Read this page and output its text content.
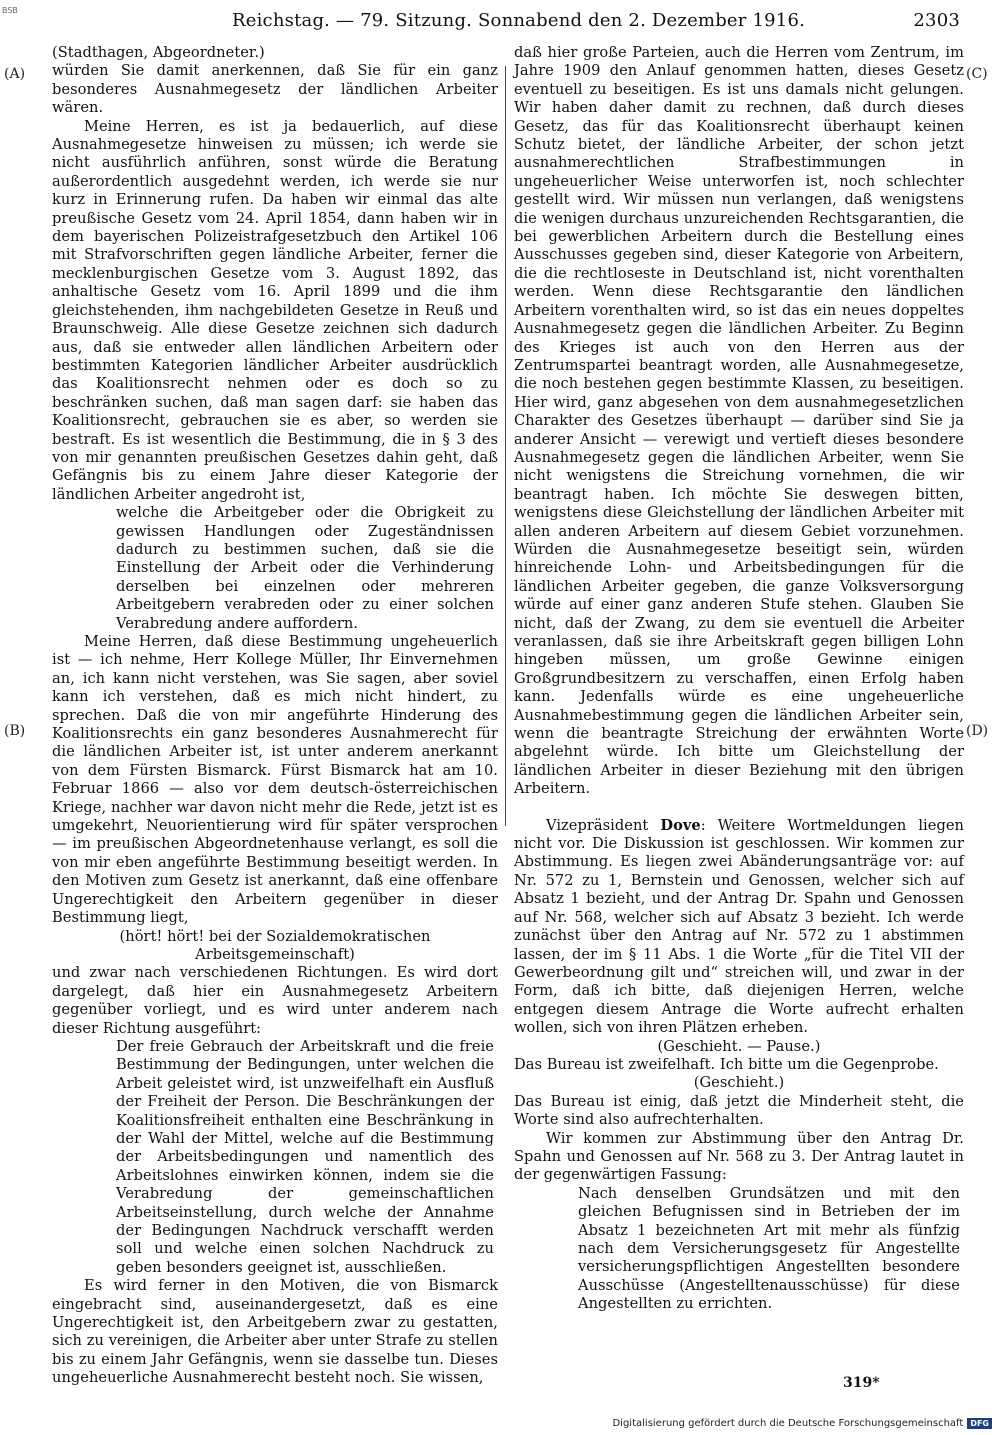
BSB	Reichstag. — 79. Sitzung. Sonnabend den 2. Dezember 1916.	2303
(A)
(B)
(C)
(D)

(Stadthagen, Abgeordneter.)

würden Sie damit anerkennen, daß Sie für ein ganz besonderes Ausnahmegesetz der ländlichen Arbeiter wären.

Meine Herren, es ist ja bedauerlich, auf diese Ausnahmegesetze hinweisen zu müssen; ich werde sie nicht ausführlich anführen, sonst würde die Beratung außerordentlich ausgedehnt werden, ich werde sie nur kurz in Erinnerung rufen. Da haben wir einmal das alte preußische Gesetz vom 24. April 1854, dann haben wir in dem bayerischen Polizeistrafgesetzbuch den Artikel 106 mit Strafvorschriften gegen ländliche Arbeiter, ferner die mecklenburgischen Gesetze vom 3. August 1892, das anhaltische Gesetz vom 16. April 1899 und die ihm gleichstehenden, ihm nachgebildeten Gesetze in Reuß und Braunschweig. Alle diese Gesetze zeichnen sich dadurch aus, daß sie entweder allen ländlichen Arbeitern oder bestimmten Kategorien ländlicher Arbeiter ausdrücklich das Koalitionsrecht nehmen oder es doch so zu beschränken suchen, daß man sagen darf: sie haben das Koalitionsrecht, gebrauchen sie es aber, so werden sie bestraft. Es ist wesentlich die Bestimmung, die in § 3 des von mir genannten preußischen Gesetzes dahin geht, daß Gefängnis bis zu einem Jahre dieser Kategorie der ländlichen Arbeiter angedroht ist,

welche die Arbeitgeber oder die Obrigkeit zu gewissen Handlungen oder Zugeständnissen dadurch zu bestimmen suchen, daß sie die Einstellung der Arbeit oder die Verhinderung derselben bei einzelnen oder mehreren Arbeitgebern verabreden oder zu einer solchen Verabredung andere auffordern.

Meine Herren, daß diese Bestimmung ungeheuerlich ist — ich nehme, Herr Kollege Müller, Ihr Einvernehmen an, ich kann nicht verstehen, was Sie sagen, aber soviel kann ich verstehen, daß es mich nicht hindert, zu sprechen. Daß die von mir angeführte Hinderung des Koalitionsrechts ein ganz besonderes Ausnahmerecht für die ländlichen Arbeiter ist, ist unter anderem anerkannt von dem Fürsten Bismarck. Fürst Bismarck hat am 10. Februar 1866 — also vor dem deutsch-österreichischen Kriege, nachher war davon nicht mehr die Rede, jetzt ist es umgekehrt, Neuorientierung wird für später versprochen — im preußischen Abgeordnetenhause verlangt, es soll die von mir eben angeführte Bestimmung beseitigt werden. In den Motiven zum Gesetz ist anerkannt, daß eine offenbare Ungerechtigkeit den Arbeitern gegenüber in dieser Bestimmung liegt,

(hört! hört! bei der Sozialdemokratischen Arbeitsgemeinschaft)

und zwar nach verschiedenen Richtungen. Es wird dort dargelegt, daß hier ein Ausnahmegesetz Arbeitern gegenüber vorliegt, und es wird unter anderem nach dieser Richtung ausgeführt:

Der freie Gebrauch der Arbeitskraft und die freie Bestimmung der Bedingungen, unter welchen die Arbeit geleistet wird, ist unzweifelhaft ein Ausfluß der Freiheit der Person. Die Beschränkungen der Koalitionsfreiheit enthalten eine Beschränkung in der Wahl der Mittel, welche auf die Bestimmung der Arbeitsbedingungen und namentlich des Arbeitslohnes einwirken können, indem sie die Verabredung der gemeinschaftlichen Arbeitseinstellung, durch welche der Annahme der Bedingungen Nachdruck verschafft werden soll und welche einen solchen Nachdruck zu geben besonders geeignet ist, ausschließen.

Es wird ferner in den Motiven, die von Bismarck eingebracht sind, auseinandergesetzt, daß es eine Ungerechtigkeit ist, den Arbeitgebern zwar zu gestatten, sich zu vereinigen, die Arbeiter aber unter Strafe zu stellen bis zu einem Jahr Gefängnis, wenn sie dasselbe tun. Dieses ungeheuerliche Ausnahmerecht besteht noch. Sie wissen,

daß hier große Parteien, auch die Herren vom Zentrum, im Jahre 1909 den Anlauf genommen hatten, dieses Gesetz eventuell zu beseitigen. Es ist uns damals nicht gelungen. Wir haben daher damit zu rechnen, daß durch dieses Gesetz, das für das Koalitionsrecht überhaupt keinen Schutz bietet, der ländliche Arbeiter, der schon jetzt ausnahmerechtlichen Strafbestimmungen in ungeheuerlicher Weise unterworfen ist, noch schlechter gestellt wird. Wir müssen nun verlangen, daß wenigstens die wenigen durchaus unzureichenden Rechtsgarantien, die bei gewerblichen Arbeitern durch die Bestellung eines Ausschusses gegeben sind, dieser Kategorie von Arbeitern, die die rechtloseste in Deutschland ist, nicht vorenthalten werden. Wenn diese Rechtsgarantie den ländlichen Arbeitern vorenthalten wird, so ist das ein neues doppeltes Ausnahmegesetz gegen die ländlichen Arbeiter. Zu Beginn des Krieges ist auch von den Herren aus der Zentrumspartei beantragt worden, alle Ausnahmegesetze, die noch bestehen gegen bestimmte Klassen, zu beseitigen. Hier wird, ganz abgesehen von dem ausnahmegesetzlichen Charakter des Gesetzes überhaupt — darüber sind Sie ja anderer Ansicht — verewigt und vertieft dieses besondere Ausnahmegesetz gegen die ländlichen Arbeiter, wenn Sie nicht wenigstens die Streichung vornehmen, die wir beantragt haben. Ich möchte Sie deswegen bitten, wenigstens diese Gleichstellung der ländlichen Arbeiter mit allen anderen Arbeitern auf diesem Gebiet vorzunehmen. Würden die Ausnahmegesetze beseitigt sein, würden hinreichende Lohn- und Arbeitsbedingungen für die ländlichen Arbeiter gegeben, die ganze Volksversorgung würde auf einer ganz anderen Stufe stehen. Glauben Sie nicht, daß der Zwang, zu dem sie eventuell die Arbeiter veranlassen, daß sie ihre Arbeitskraft gegen billigen Lohn hingeben müssen, um große Gewinne einigen Großgrundbesitzern zu verschaffen, einen Erfolg haben kann. Jedenfalls würde es eine ungeheuerliche Ausnahmebestimmung gegen die ländlichen Arbeiter sein, wenn die beantragte Streichung der erwähnten Worte abgelehnt würde. Ich bitte um Gleichstellung der ländlichen Arbeiter in dieser Beziehung mit den übrigen Arbeitern.

Vizepräsident Dove: Weitere Wortmeldungen liegen nicht vor. Die Diskussion ist geschlossen. Wir kommen zur Abstimmung. Es liegen zwei Abänderungsanträge vor: auf Nr. 572 zu 1, Bernstein und Genossen, welcher sich auf Absatz 1 bezieht, und der Antrag Dr. Spahn und Genossen auf Nr. 568, welcher sich auf Absatz 3 bezieht. Ich werde zunächst über den Antrag auf Nr. 572 zu 1 abstimmen lassen, der im § 11 Abs. 1 die Worte „für die Titel VII der Gewerbeordnung gilt und“ streichen will, und zwar in der Form, daß ich bitte, daß diejenigen Herren, welche entgegen diesem Antrage die Worte aufrecht erhalten wollen, sich von ihren Plätzen erheben.

(Geschieht. — Pause.)

Das Bureau ist zweifelhaft. Ich bitte um die Gegenprobe.

(Geschieht.)

Das Bureau ist einig, daß jetzt die Minderheit steht, die Worte sind also aufrechterhalten.

Wir kommen zur Abstimmung über den Antrag Dr. Spahn und Genossen auf Nr. 568 zu 3. Der Antrag lautet in der gegenwärtigen Fassung:

Nach denselben Grundsätzen und mit den gleichen Befugnissen sind in Betrieben der im Absatz 1 bezeichneten Art mit mehr als fünfzig nach dem Versicherungsgesetz für Angestellte versicherungspflichtigen Angestellten besondere Ausschüsse (Angestelltenausschüsse) für diese Angestellten zu errichten.

319*
Digitalisierung gefördert durch die Deutsche Forschungsgemeinschaft DFG
